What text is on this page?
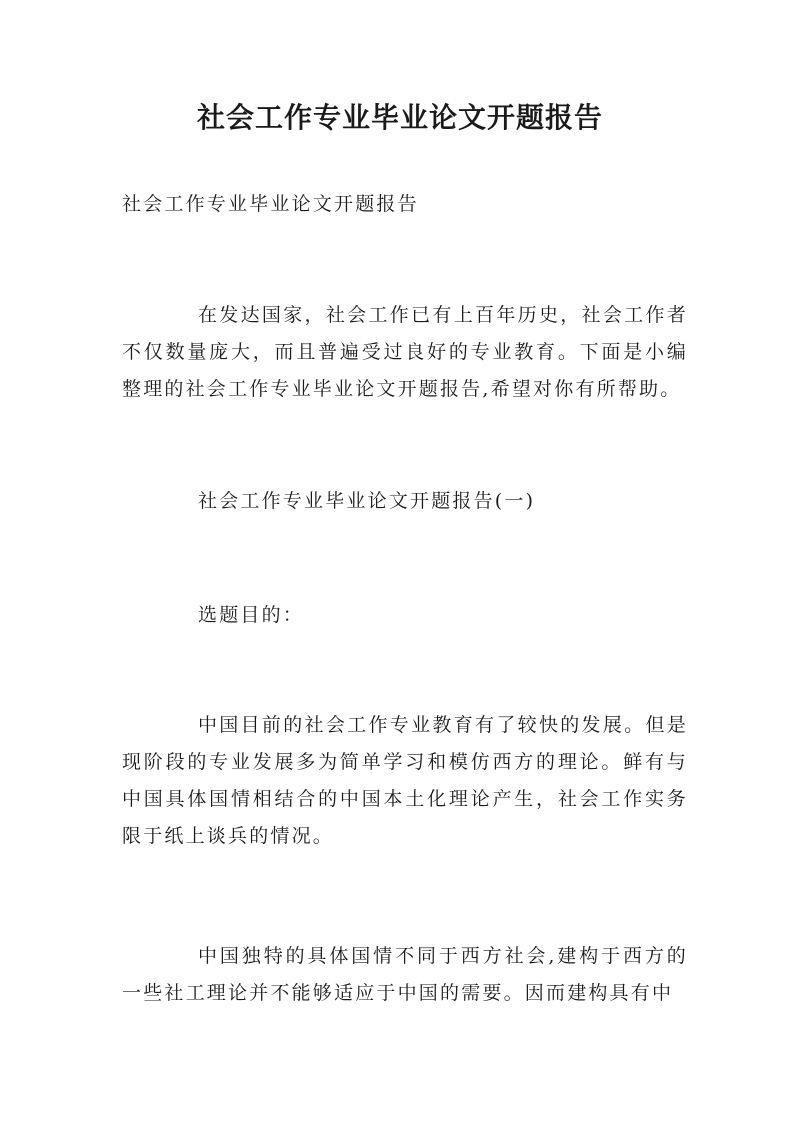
社会工作专业毕业论文开题报告

社会工作专业毕业论文开题报告

在发达国家，社会工作已有上百年历史，社会工作者不仅数量庞大，而且普遍受过良好的专业教育。下面是小编整理的社会工作专业毕业论文开题报告,希望对你有所帮助。

社会工作专业毕业论文开题报告(一)

选题目的：

中国目前的社会工作专业教育有了较快的发展。但是现阶段的专业发展多为简单学习和模仿西方的理论。鲜有与中国具体国情相结合的中国本土化理论产生，社会工作实务限于纸上谈兵的情况。

中国独特的具体国情不同于西方社会,建构于西方的一些社工理论并不能够适应于中国的需要。因而建构具有中
